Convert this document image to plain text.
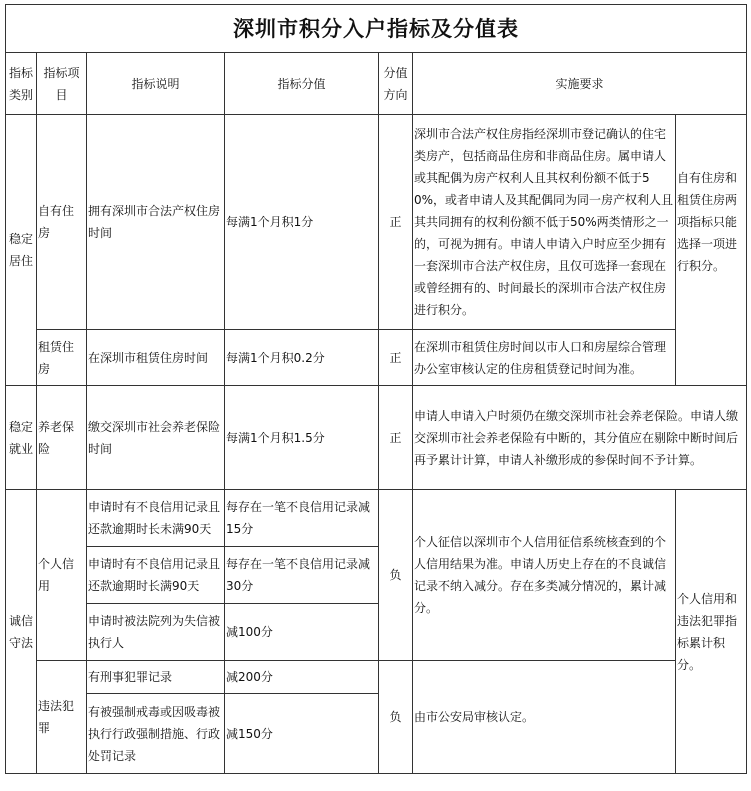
深圳市积分入户指标及分值表						
指标类别	指标项目	指标说明	指标分值	分值方向	实施要求	
稳定居住	自有住房	拥有深圳市合法产权住房时间	每满1个月积1分	正	深圳市合法产权住房指经深圳市登记确认的住宅类房产，包括商品住房和非商品住房。属申请人或其配偶为房产权利人且其权利份额不低于50%，或者申请人及其配偶同为同一房产权利人且其共同拥有的权利份额不低于50%两类情形之一的，可视为拥有。申请人申请入户时应至少拥有一套深圳市合法产权住房，且仅可选择一套现在或曾经拥有的、时间最长的深圳市合法产权住房进行积分。	自有住房和租赁住房两项指标只能选择一项进行积分。
	租赁住房	在深圳市租赁住房时间	每满1个月积0.2分	正	在深圳市租赁住房时间以市人口和房屋综合管理办公室审核认定的住房租赁登记时间为准。	
稳定就业	养老保险	缴交深圳市社会养老保险时间	每满1个月积1.5分	正	申请人申请入户时须仍在缴交深圳市社会养老保险。申请人缴交深圳市社会养老保险有中断的，其分值应在剔除中断时间后再予累计计算，申请人补缴形成的参保时间不予计算。	
诚信守法	个人信用	申请时有不良信用记录且还款逾期时长未满90天	每存在一笔不良信用记录减15分	负	个人征信以深圳市个人信用征信系统核查到的个人信用结果为准。申请人历史上存在的不良诚信记录不纳入减分。存在多类减分情况的，累计减分。	个人信用和违法犯罪指标累计积分。
		申请时有不良信用记录且还款逾期时长满90天	每存在一笔不良信用记录减30分			
		申请时被法院列为失信被执行人	减100分			
	违法犯罪	有刑事犯罪记录	减200分	负	由市公安局审核认定。	
		有被强制戒毒或因吸毒被执行行政强制措施、行政处罚记录	减150分			
